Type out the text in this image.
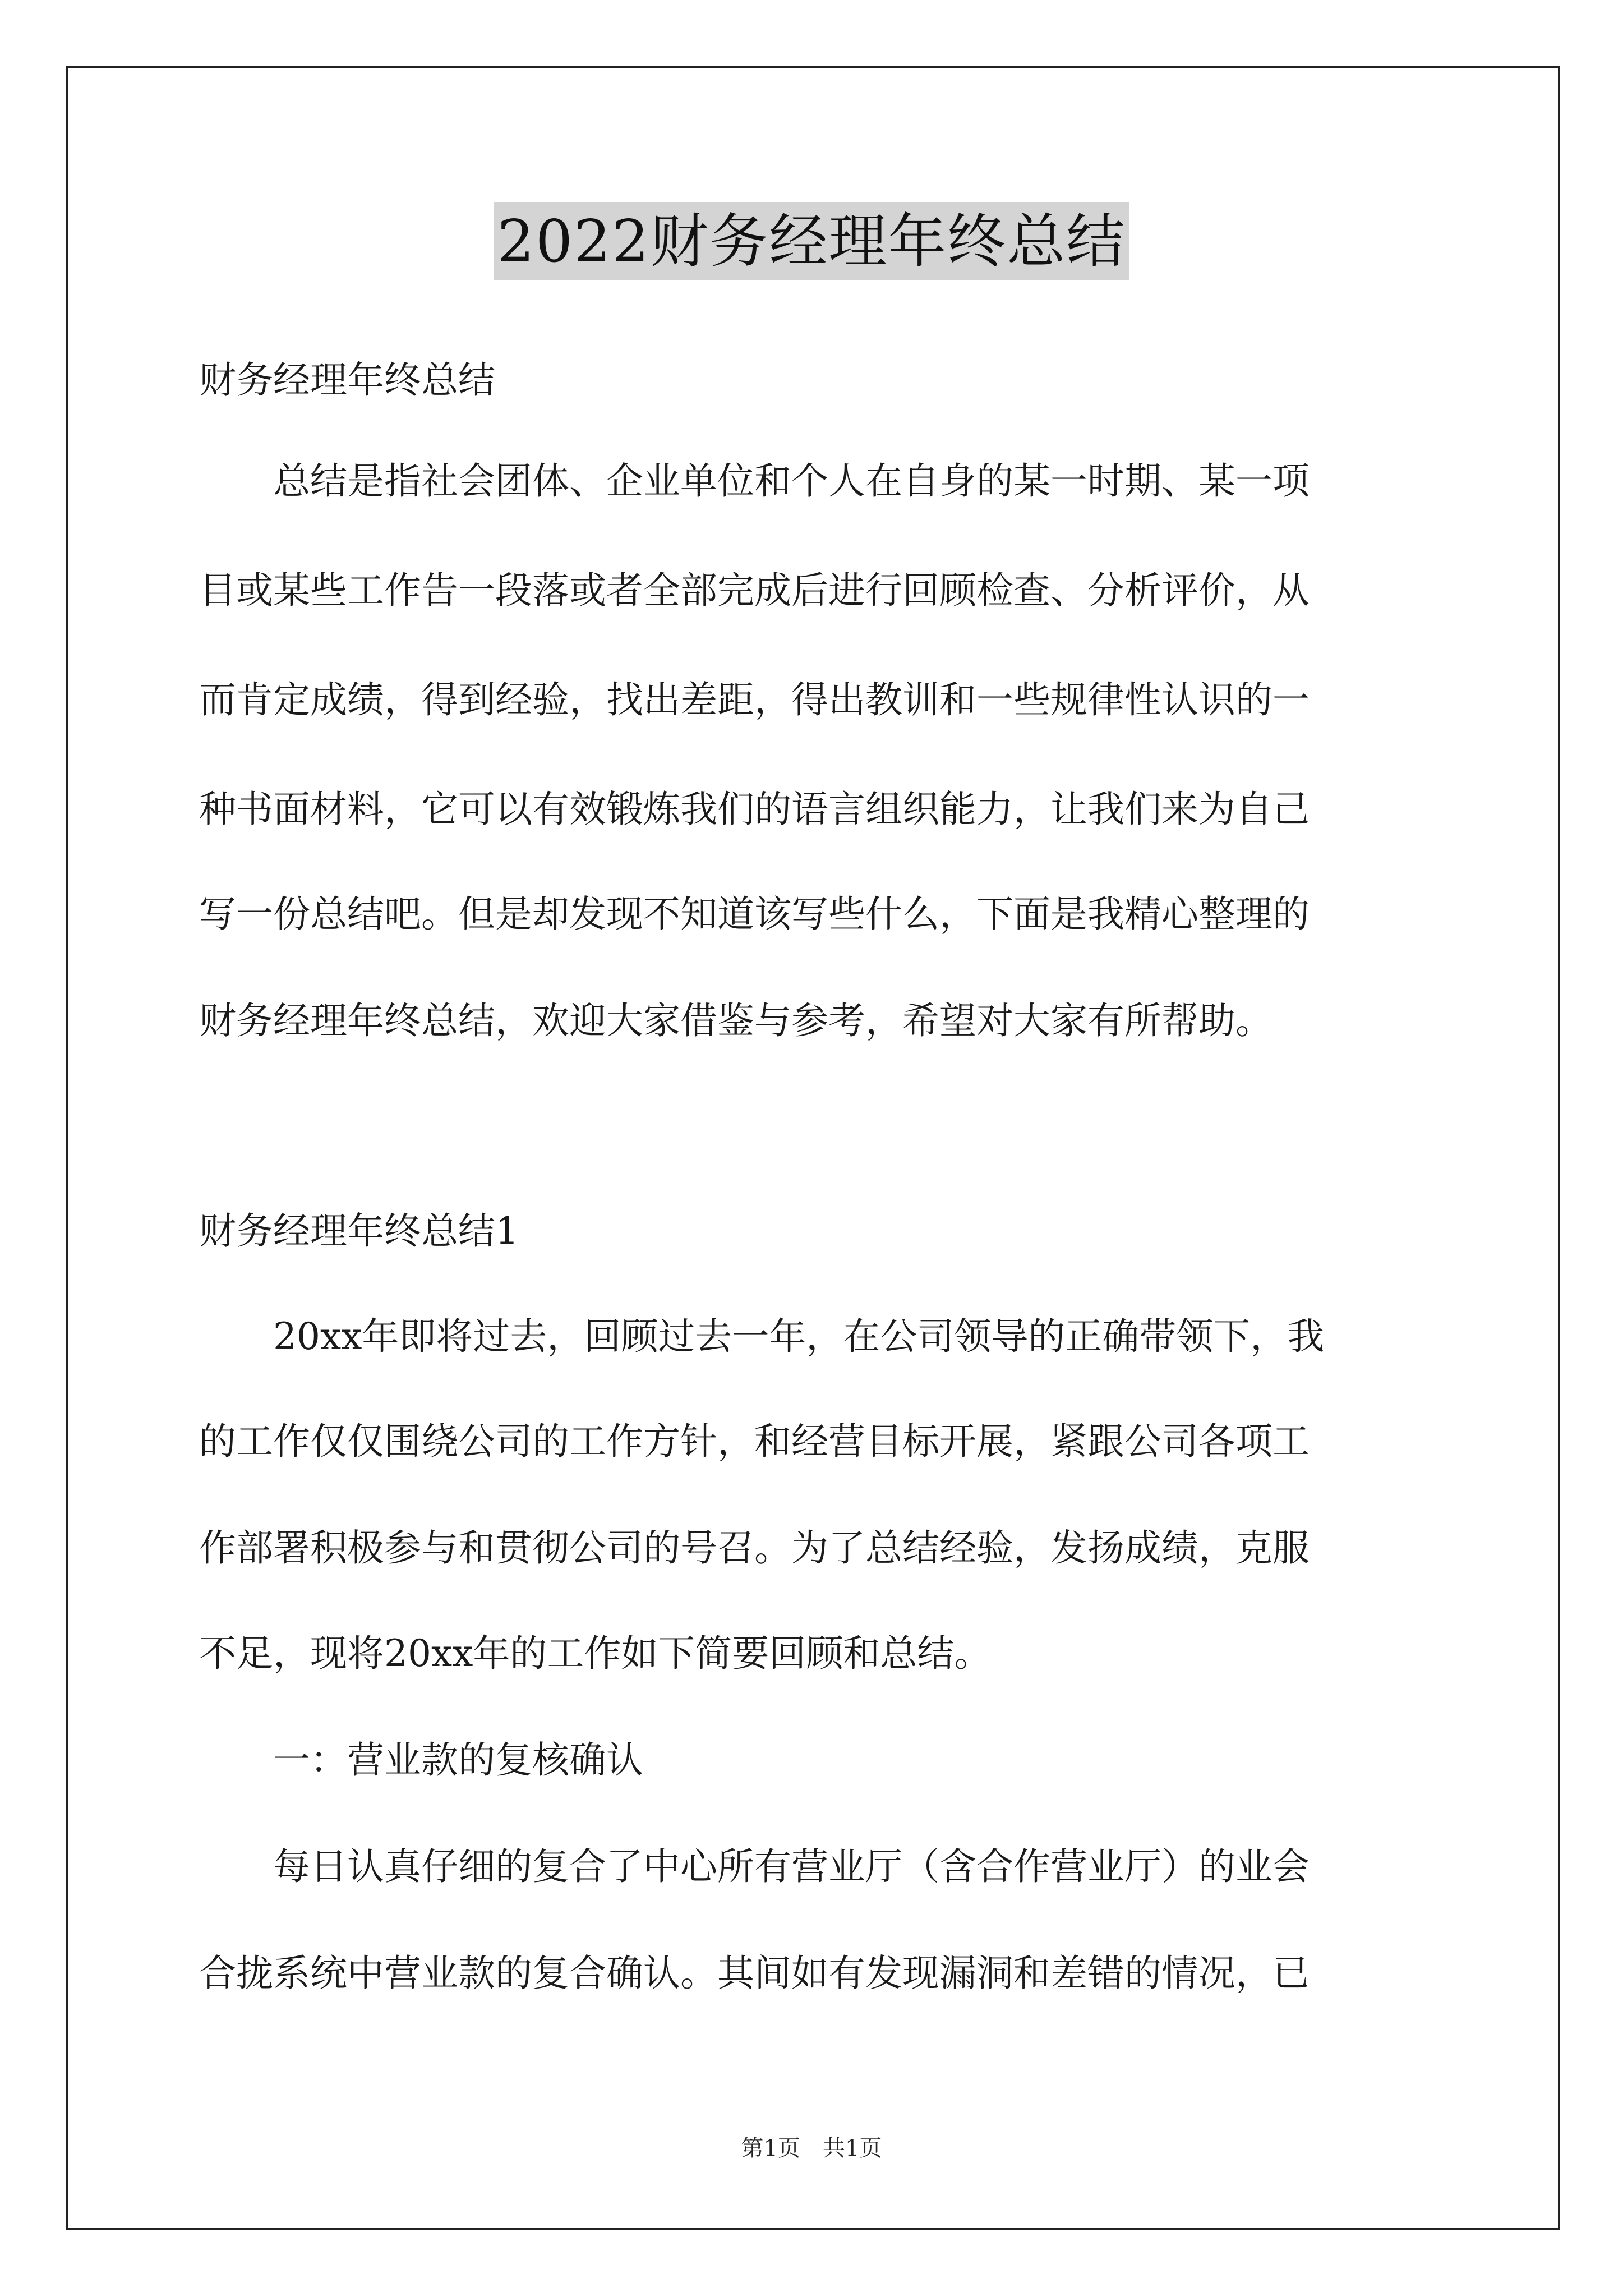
2022财务经理年终总结
财务经理年终总结
　　总结是指社会团体、企业单位和个人在自身的某一时期、某一项
目或某些工作告一段落或者全部完成后进行回顾检查、分析评价，从
而肯定成绩，得到经验，找出差距，得出教训和一些规律性认识的一
种书面材料，它可以有效锻炼我们的语言组织能力，让我们来为自己
写一份总结吧。但是却发现不知道该写些什么，下面是我精心整理的
财务经理年终总结，欢迎大家借鉴与参考，希望对大家有所帮助。
财务经理年终总结1
　　20xx年即将过去，回顾过去一年，在公司领导的正确带领下，我
的工作仅仅围绕公司的工作方针，和经营目标开展，紧跟公司各项工
作部署积极参与和贯彻公司的号召。为了总结经验，发扬成绩，克服
不足，现将20xx年的工作如下简要回顾和总结。
　　一：营业款的复核确认
　　每日认真仔细的复合了中心所有营业厅（含合作营业厅）的业会
合拢系统中营业款的复合确认。其间如有发现漏洞和差错的情况，已
第1页　共1页
